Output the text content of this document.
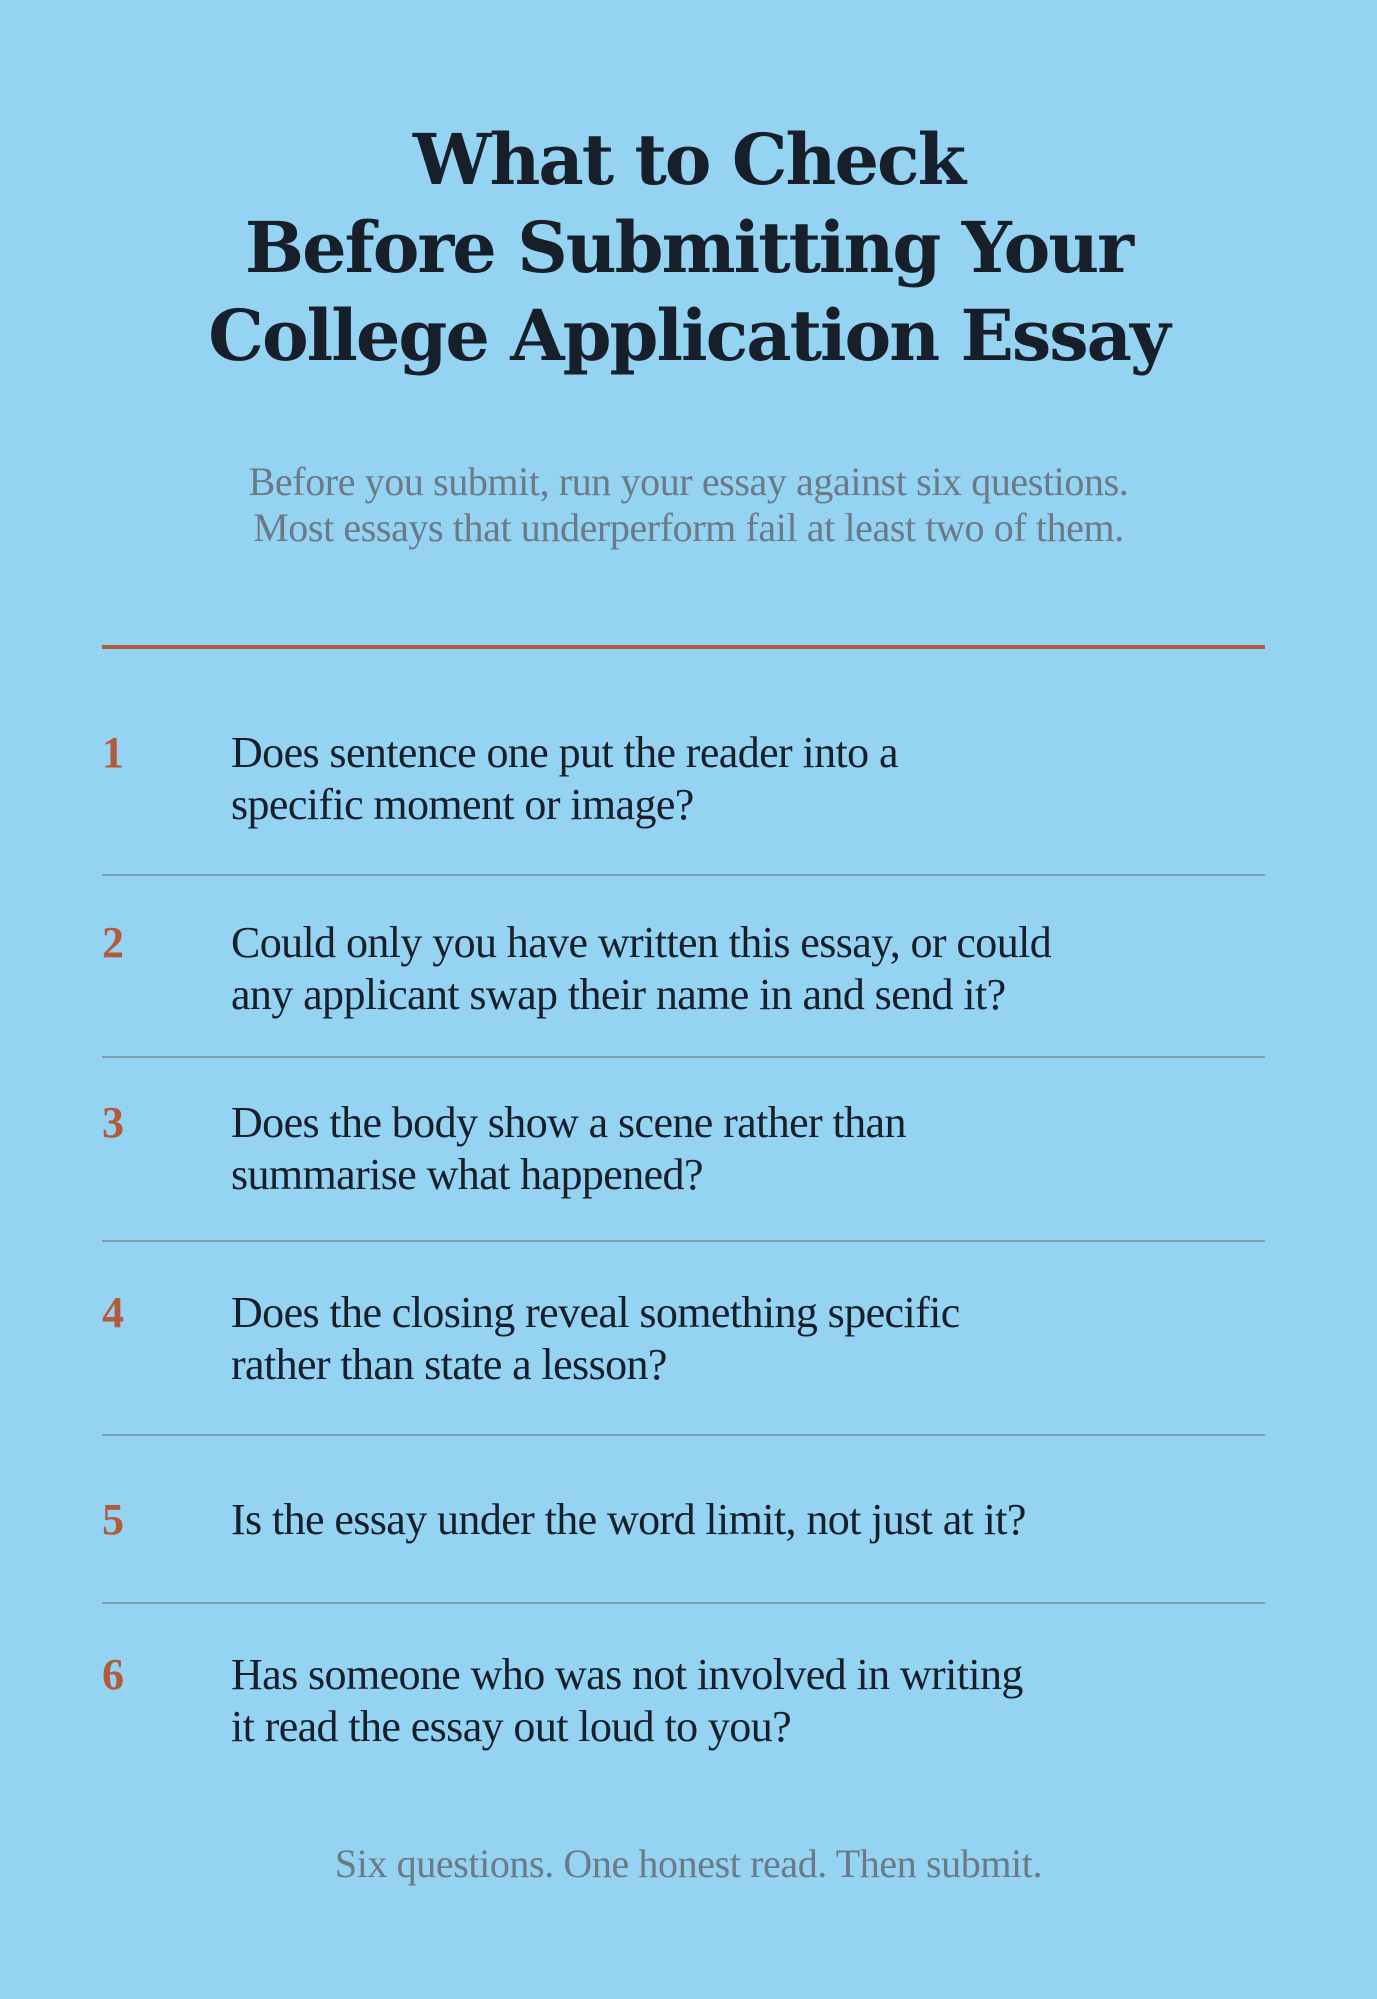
What to Check
Before Submitting Your
College Application Essay

Before you submit, run your essay against six questions.
Most essays that underperform fail at least two of them.

1 Does sentence one put the reader into a
specific moment or image?
2 Could only you have written this essay, or could
any applicant swap their name in and send it?
3 Does the body show a scene rather than
summarise what happened?
4 Does the closing reveal something specific
rather than state a lesson?
5 Is the essay under the word limit, not just at it?
6 Has someone who was not involved in writing
it read the essay out loud to you?

Six questions. One honest read. Then submit.
